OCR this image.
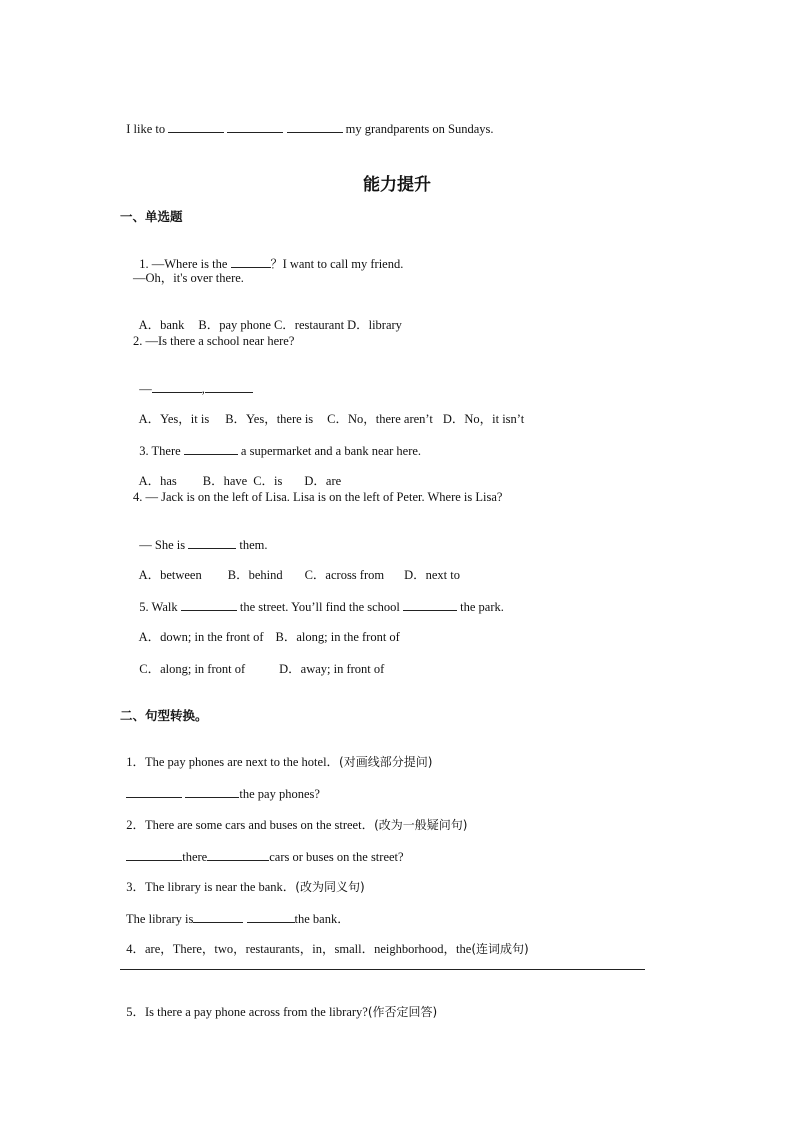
I like to	my grandparents on Sundays.

能力提升
一、单选题

1. —Where is the	？I want to call my friend.

—Oh，it's over there.

A．bank B．pay phone C．restaurant D．library

2. —Is there a school near here?

—	,

A．Yes，it is B．Yes，there is C．No，there aren’t D．No，it isn’t

3. There	a supermarket and a bank near here.

A．has B．have C．is D．are

4. — Jack is on the left of Lisa. Lisa is on the left of Peter. Where is Lisa?

— She is	them.

A．between B．behind C．across from D．next to

5. Walk	the street. You’ll find the school	the park.

A．down; in the front of B．along; in the front of

C．along; in front of	D．away; in front of

二、句型转换。

1．The pay phones are next to the hotel．(对画线部分提问)

the pay phones?

2．There are some cars and buses on the street．(改为一般疑问句)

there	cars or buses on the street?

3．The library is near the bank．(改为同义句)

The library is	the bank．

4．are，There，two，restaurants，in，small．neighborhood，the(连词成句)

5．Is there a pay phone across from the library?(作否定回答)
